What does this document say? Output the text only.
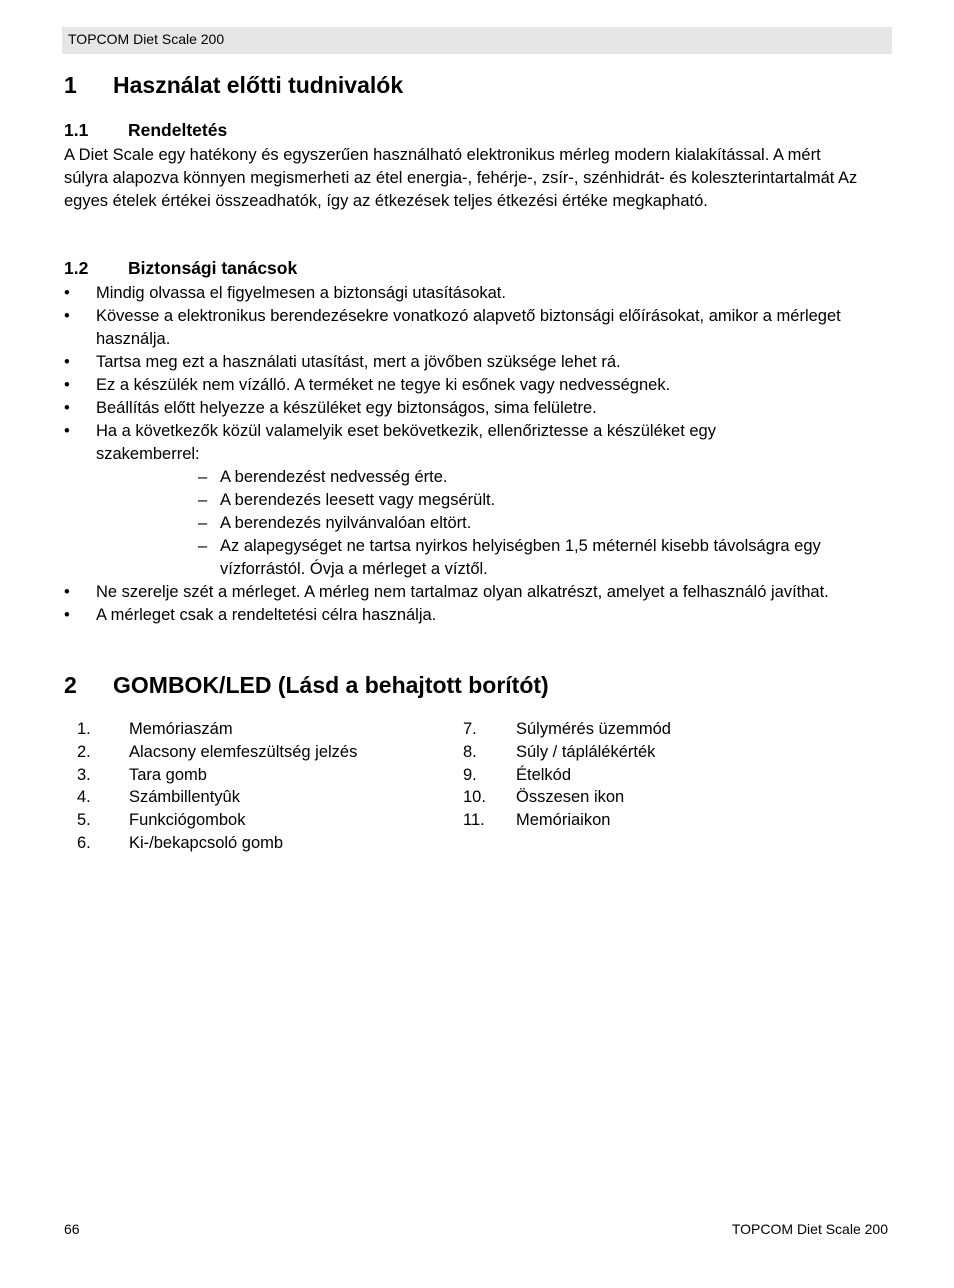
TOPCOM Diet Scale 200
1 Használat előtti tudnivalók
1.1 Rendeltetés

A Diet Scale egy hatékony és egyszerűen használható elektronikus mérleg modern kialakítással. A mért súlyra alapozva könnyen megismerheti az étel energia-, fehérje-, zsír-, szénhidrát- és koleszterintartalmát Az egyes ételek értékei összeadhatók, így az étkezések teljes étkezési értéke megkapható.

1.2 Biztonsági tanácsok
• Mindig olvassa el figyelmesen a biztonsági utasításokat.
• Kövesse a elektronikus berendezésekre vonatkozó alapvető biztonsági előírásokat, amikor a mérleget használja.
• Tartsa meg ezt a használati utasítást, mert a jövőben szüksége lehet rá.
• Ez a készülék nem vízálló. A terméket ne tegye ki esőnek vagy nedvességnek.
• Beállítás előtt helyezze a készüléket egy biztonságos, sima felületre.
• Ha a következők közül valamelyik eset bekövetkezik, ellenőriztesse a készüléket egy szakemberrel:
– A berendezést nedvesség érte.
– A berendezés leesett vagy megsérült.
– A berendezés nyilvánvalóan eltört.
– Az alapegységet ne tartsa nyirkos helyiségben 1,5 méternél kisebb távolságra egy vízforrástól. Óvja a mérleget a víztől.
• Ne szerelje szét a mérleget. A mérleg nem tartalmaz olyan alkatrészt, amelyet a felhasználó javíthat.
• A mérleget csak a rendeltetési célra használja.
2 GOMBOK/LED (Lásd a behajtott borítót)
1. Memóriaszám
2. Alacsony elemfeszültség jelzés
3. Tara gomb
4. Számbillentyûk
5. Funkciógombok
6. Ki-/bekapcsoló gomb
7. Súlymérés üzemmód
8. Súly / táplálékérték
9. Ételkód
10. Összesen ikon
11. Memóriaikon
66	TOPCOM Diet Scale 200
